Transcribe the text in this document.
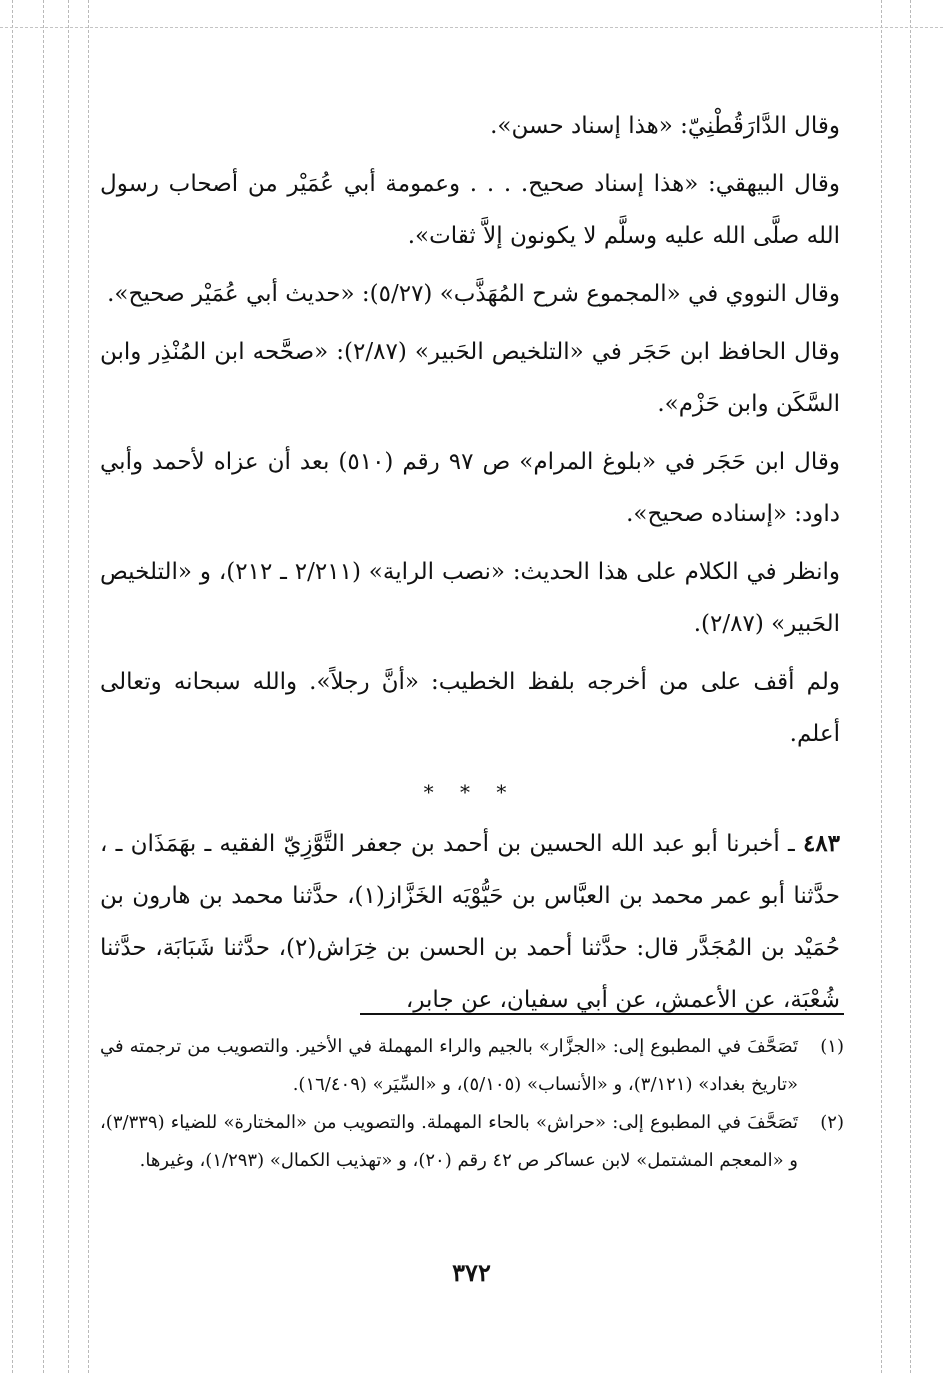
وقال الدَّارَقُطْنِيّ: «هذا إسناد حسن».

وقال البيهقي: «هذا إسناد صحيح. . . . وعمومة أبي عُمَيْر من أصحاب رسول الله صلَّى الله عليه وسلَّم لا يكونون إلاَّ ثقات».

وقال النووي في «المجموع شرح المُهَذَّب» (٥/٢٧): «حديث أبي عُمَيْر صحيح».

وقال الحافظ ابن حَجَر في «التلخيص الحَبير» (٢/٨٧): «صحَّحه ابن المُنْذِر وابن السَّكَن وابن حَزْم».

وقال ابن حَجَر في «بلوغ المرام» ص ٩٧ رقم (٥١٠) بعد أن عزاه لأحمد وأبي داود: «إسناده صحيح».

وانظر في الكلام على هذا الحديث: «نصب الراية» (٢/٢١١ ـ ٢١٢)، و «التلخيص الحَبير» (٢/٨٧).

ولم أقف على من أخرجه بلفظ الخطيب: «أنَّ رجلاً». والله سبحانه وتعالى أعلم.

* * *

٤٨٣ ـ أخبرنا أبو عبد الله الحسين بن أحمد بن جعفر التَّوَّزِيّ الفقيه ـ بهَمَذَان ـ ، حدَّثنا أبو عمر محمد بن العبَّاس بن حَيُّوْيَه الخَزَّاز(١)، حدَّثنا محمد بن هارون بن حُمَيْد بن المُجَدَّر قال: حدَّثنا أحمد بن الحسن بن خِرَاش(٢)، حدَّثنا شَبَابَة، حدَّثنا شُعْبَة، عن الأعمش، عن أبي سفيان، عن جابر،

(١)
تَصَحَّفَ في المطبوع إلى: «الجزَّار» بالجيم والراء المهملة في الأخير. والتصويب من ترجمته في «تاريخ بغداد» (٣/١٢١)، و «الأنساب» (٥/١٠٥)، و «السِّيَر» (١٦/٤٠٩).

(٢)
تَصَحَّفَ في المطبوع إلى: «حراش» بالحاء المهملة. والتصويب من «المختارة» للضياء (٣/٣٣٩)، و «المعجم المشتمل» لابن عساكر ص ٤٢ رقم (٢٠)، و «تهذيب الكمال» (١/٢٩٣)، وغيرها.

٣٧٢
